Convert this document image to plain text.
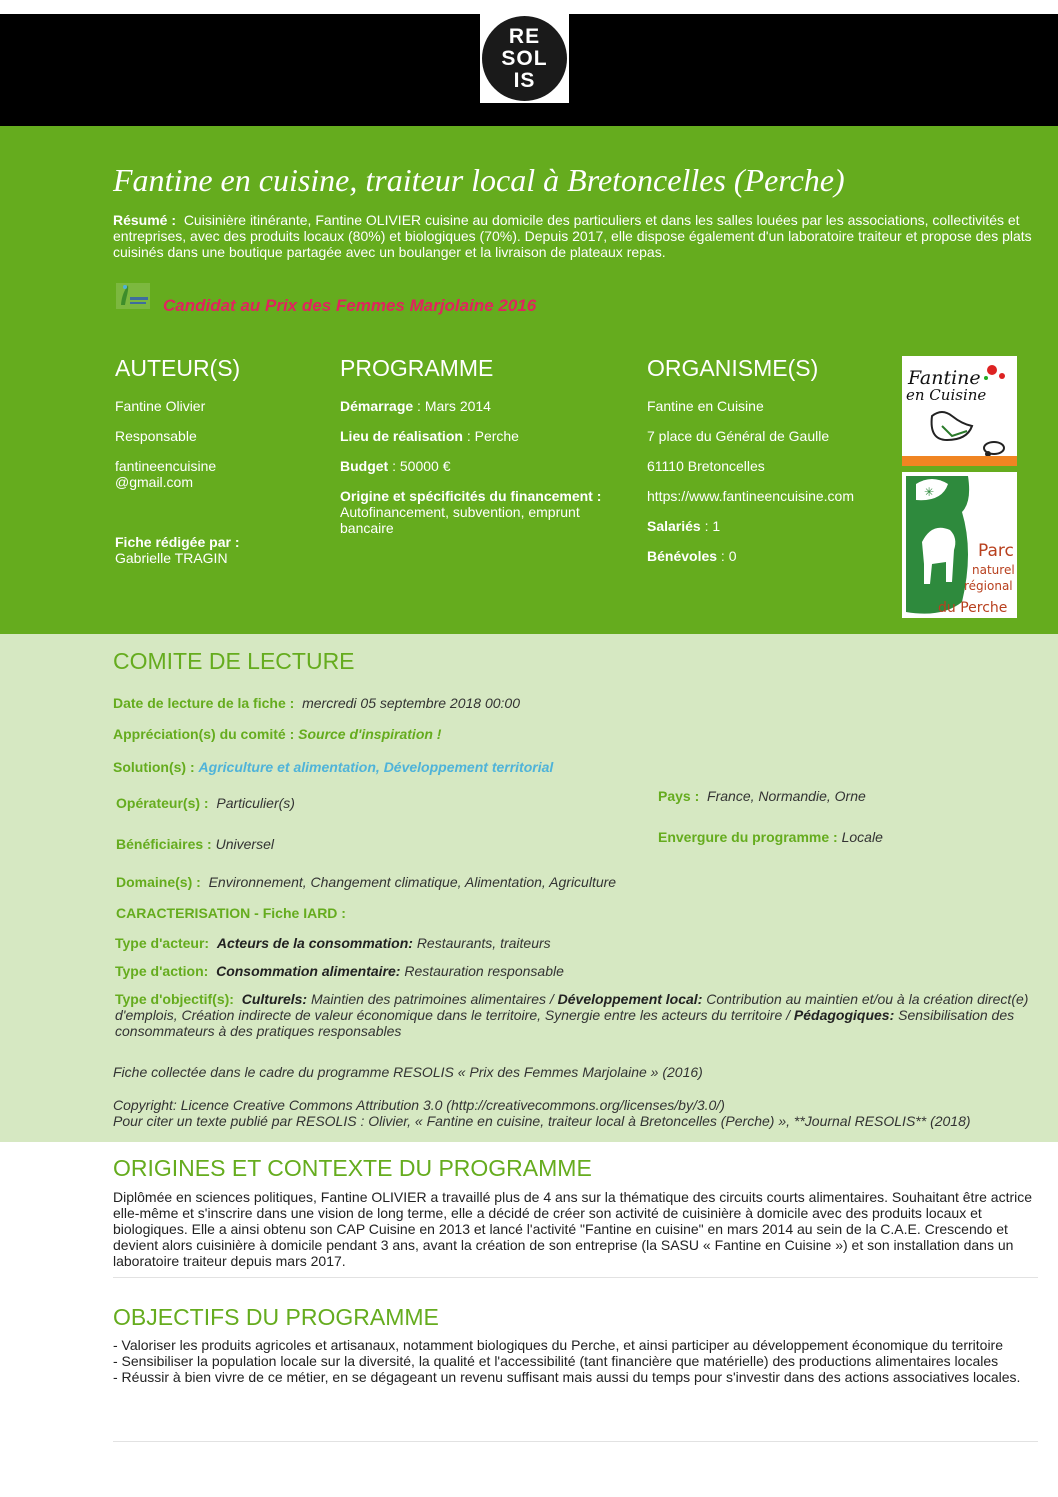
RE
SOL
IS
Fantine en cuisine, traiteur local à Bretoncelles (Perche)
Résumé : Cuisinière itinérante, Fantine OLIVIER cuisine au domicile des particuliers et dans les salles louées par les associations, collectivités et entreprises, avec des produits locaux (80%) et biologiques (70%). Depuis 2017, elle dispose également d'un laboratoire traiteur et propose des plats cuisinés dans une boutique partagée avec un boulanger et la livraison de plateaux repas.
Candidat au Prix des Femmes Marjolaine 2016
AUTEUR(S)
Fantine Olivier
Responsable
fantineencuisine
@gmail.com
Fiche rédigée par :
Gabrielle TRAGIN
PROGRAMME
Démarrage : Mars 2014
Lieu de réalisation : Perche
Budget : 50000 €
Origine et spécificités du financement :
Autofinancement, subvention, emprunt bancaire
ORGANISME(S)
Fantine en Cuisine
7 place du Général de Gaulle
61110 Bretoncelles
https://www.fantineencuisine.com
Salariés : 1
Bénévoles : 0
Fantine
en Cuisine
✳
Parc
naturel
régional
du Perche
COMITE DE LECTURE
Date de lecture de la fiche : mercredi 05 septembre 2018 00:00
Appréciation(s) du comité : Source d'inspiration !
Solution(s) : Agriculture et alimentation, Développement territorial
Opérateur(s) : Particulier(s)	Pays : France, Normandie, Orne
Bénéficiaires : Universel	Envergure du programme : Locale
Domaine(s) : Environnement, Changement climatique, Alimentation, Agriculture
CARACTERISATION - Fiche IARD :
Type d'acteur: Acteurs de la consommation: Restaurants, traiteurs
Type d'action: Consommation alimentaire: Restauration responsable
Type d'objectif(s): Culturels: Maintien des patrimoines alimentaires / Développement local: Contribution au maintien et/ou à la création direct(e) d'emplois, Création indirecte de valeur économique dans le territoire, Synergie entre les acteurs du territoire / Pédagogiques: Sensibilisation des consommateurs à des pratiques responsables
Fiche collectée dans le cadre du programme RESOLIS « Prix des Femmes Marjolaine » (2016)
Copyright: Licence Creative Commons Attribution 3.0 (http://creativecommons.org/licenses/by/3.0/)
Pour citer un texte publié par RESOLIS : Olivier, « Fantine en cuisine, traiteur local à Bretoncelles (Perche) », **Journal RESOLIS** (2018)
ORIGINES ET CONTEXTE DU PROGRAMME
Diplômée en sciences politiques, Fantine OLIVIER a travaillé plus de 4 ans sur la thématique des circuits courts alimentaires. Souhaitant être actrice elle-même et s'inscrire dans une vision de long terme, elle a décidé de créer son activité de cuisinière à domicile avec des produits locaux et biologiques. Elle a ainsi obtenu son CAP Cuisine en 2013 et lancé l'activité "Fantine en cuisine" en mars 2014 au sein de la C.A.E. Crescendo et devient alors cuisinière à domicile pendant 3 ans, avant la création de son entreprise (la SASU « Fantine en Cuisine ») et son installation dans un laboratoire traiteur depuis mars 2017.
OBJECTIFS DU PROGRAMME
- Valoriser les produits agricoles et artisanaux, notamment biologiques du Perche, et ainsi participer au développement économique du territoire
- Sensibiliser la population locale sur la diversité, la qualité et l'accessibilité (tant financière que matérielle) des productions alimentaires locales
- Réussir à bien vivre de ce métier, en se dégageant un revenu suffisant mais aussi du temps pour s'investir dans des actions associatives locales.
